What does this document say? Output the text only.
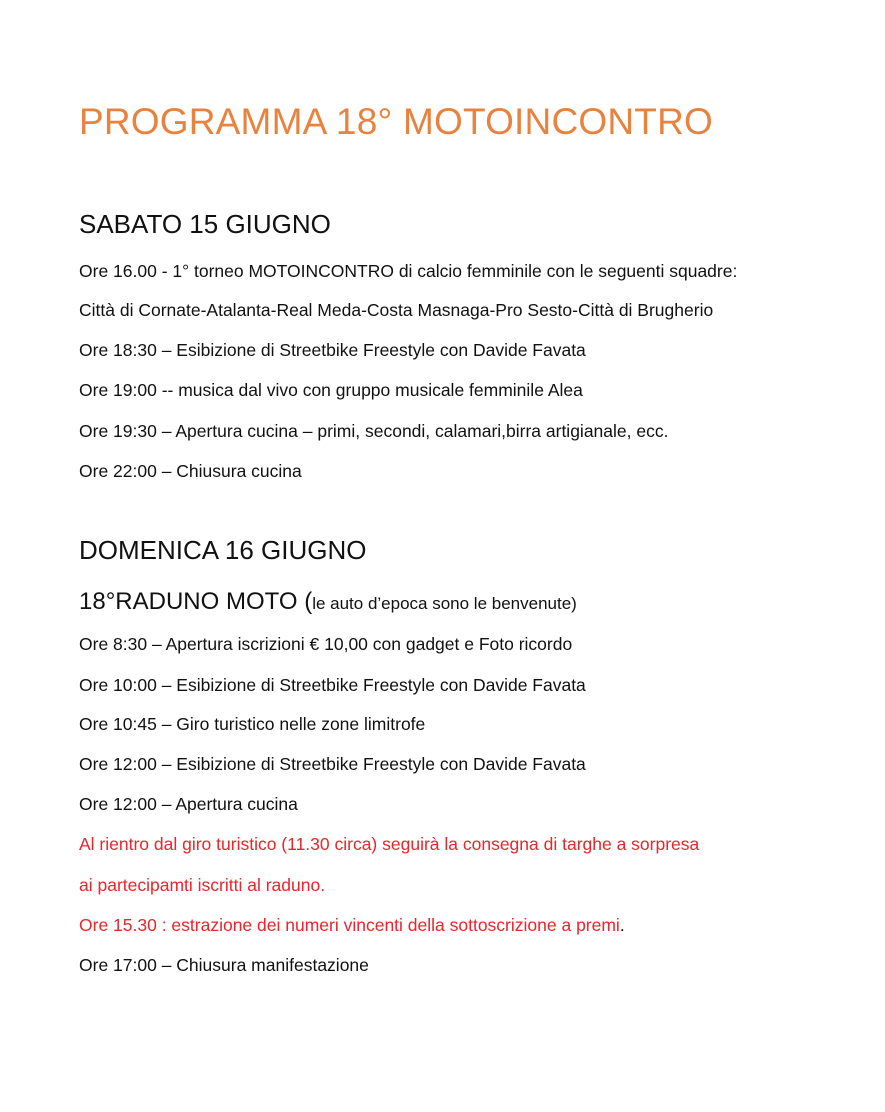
PROGRAMMA 18° MOTOINCONTRO
SABATO 15 GIUGNO
Ore 16.00 - 1° torneo MOTOINCONTRO di calcio femminile con le seguenti squadre:
Città di Cornate-Atalanta-Real Meda-Costa Masnaga-Pro Sesto-Città di Brugherio
Ore 18:30 – Esibizione di Streetbike Freestyle con Davide Favata
Ore 19:00 -- musica dal vivo con gruppo musicale femminile Alea
Ore 19:30 – Apertura cucina – primi, secondi, calamari,birra artigianale, ecc.
Ore 22:00 – Chiusura cucina
DOMENICA 16 GIUGNO
18°RADUNO MOTO (le auto d’epoca sono le benvenute)
Ore 8:30 – Apertura iscrizioni € 10,00 con gadget e Foto ricordo
Ore 10:00 – Esibizione di Streetbike Freestyle con Davide Favata
Ore 10:45 – Giro turistico nelle zone limitrofe
Ore 12:00 – Esibizione di Streetbike Freestyle con Davide Favata
Ore 12:00 – Apertura cucina
Al rientro dal giro turistico (11.30 circa) seguirà la consegna di targhe a sorpresa
ai partecipamti iscritti al raduno.
Ore 15.30 : estrazione dei numeri vincenti della sottoscrizione a premi.
Ore 17:00 – Chiusura manifestazione
